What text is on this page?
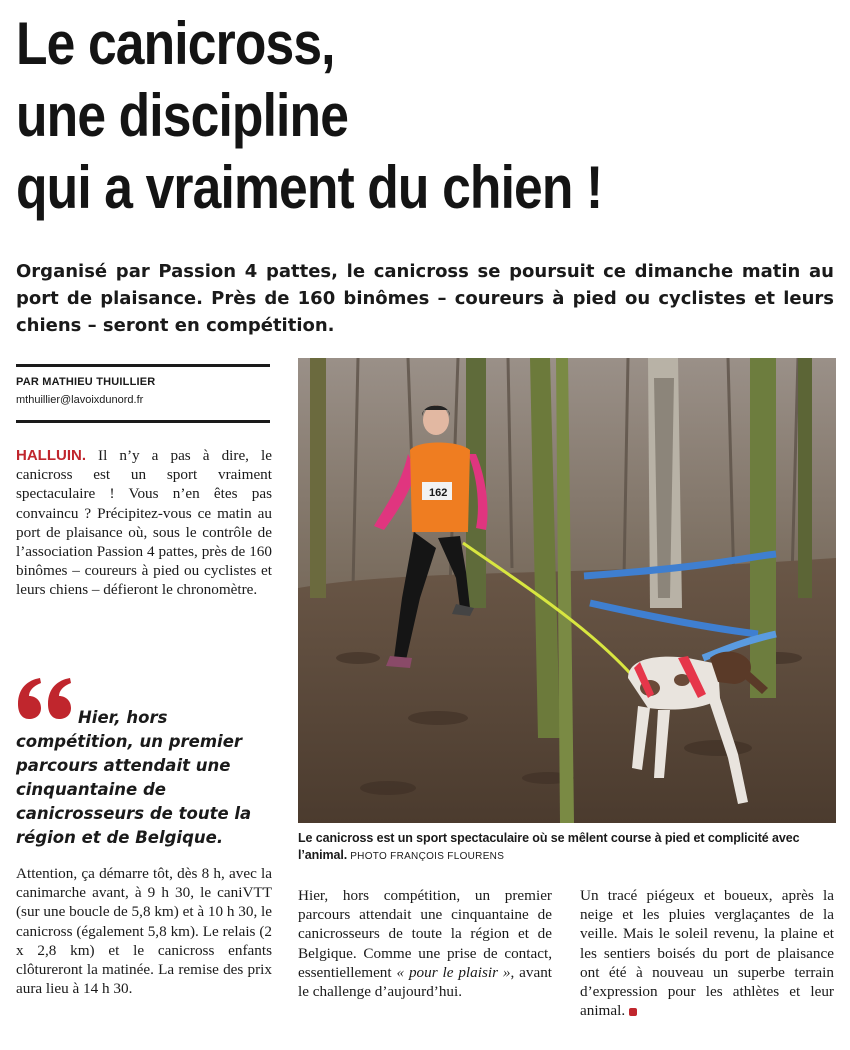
Le canicross,
une discipline
qui a vraiment du chien !
Organisé par Passion 4 pattes, le canicross se poursuit ce dimanche matin au port de plaisance. Près de 160 binômes – coureurs à pied ou cyclistes et leurs chiens – seront en compétition.
PAR MATHIEU THUILLIER
mthuillier@lavoixdunord.fr
HALLUIN. Il n’y a pas à dire, le canicross est un sport vraiment spectaculaire ! Vous n’en êtes pas convaincu ? Précipitez-vous ce matin au port de plaisance où, sous le contrôle de l’association Passion 4 pattes, près de 160 binômes – coureurs à pied ou cyclistes et leurs chiens – défieront le chronomètre.
Hier, hors
compétition, un premier parcours attendait une cinquantaine de canicrosseurs de toute la région et de Belgique.
162
Le canicross est un sport spectaculaire où se mêlent course à pied et complicité avec l’animal. PHOTO FRANÇOIS FLOURENS
Attention, ça démarre tôt, dès 8 h, avec la canimarche avant, à 9 h 30, le caniVTT (sur une boucle de 5,8 km) et à 10 h 30, le canicross (également 5,8 km). Le relais (2 x 2,8 km) et le canicross enfants clôtureront la matinée. La remise des prix aura lieu à 14 h 30.
Hier, hors compétition, un premier parcours attendait une cinquantaine de canicrosseurs de toute la région et de Belgique. Comme une prise de contact, essentiellement « pour le plaisir », avant le challenge d’aujourd’hui.
Un tracé piégeux et boueux, après la neige et les pluies verglaçantes de la veille. Mais le soleil revenu, la plaine et les sentiers boisés du port de plaisance ont été à nouveau un superbe terrain d’expression pour les athlètes et leur animal.
